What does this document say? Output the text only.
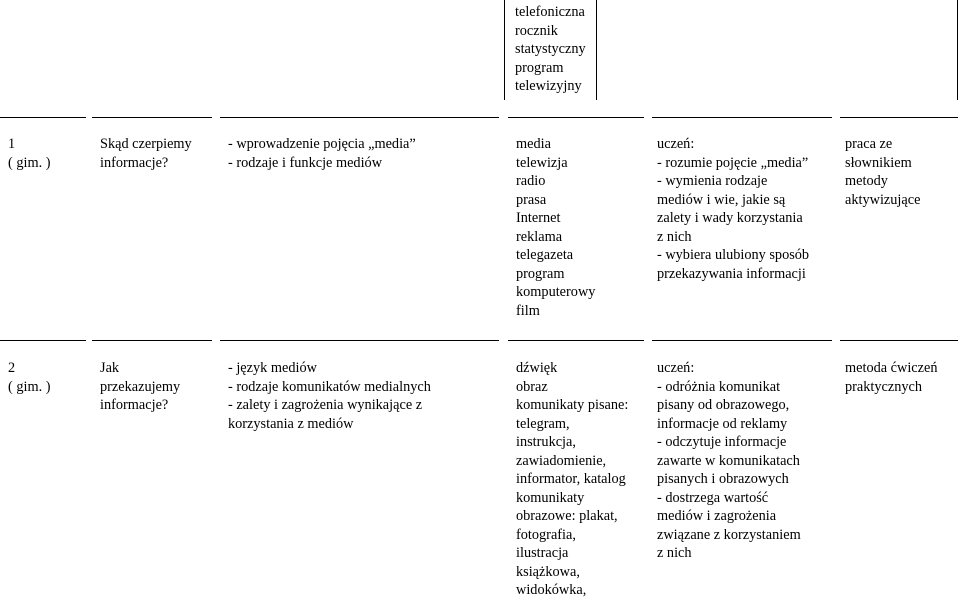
telefoniczna
rocznik
statystyczny
program
telewizyjny
1
( gim. )
Skąd czerpiemy
informacje?
- wprowadzenie pojęcia „media”
- rodzaje i funkcje mediów
media
telewizja
radio
prasa
Internet
reklama
telegazeta
program
komputerowy
film
uczeń:
- rozumie pojęcie „media”
- wymienia rodzaje
mediów i wie, jakie są
zalety i wady korzystania
z nich
- wybiera ulubiony sposób
przekazywania informacji
praca ze
słownikiem
metody
aktywizujące
2
( gim. )
Jak
przekazujemy
informacje?
- język mediów
- rodzaje komunikatów medialnych
- zalety i zagrożenia wynikające z
korzystania z mediów
dźwięk
obraz
komunikaty pisane:
telegram,
instrukcja,
zawiadomienie,
informator, katalog
komunikaty
obrazowe: plakat,
fotografia,
ilustracja
książkowa,
widokówka,
uczeń:
- odróżnia komunikat
pisany od obrazowego,
informacje od reklamy
- odczytuje informacje
zawarte w komunikatach
pisanych i obrazowych
- dostrzega wartość
mediów i zagrożenia
związane z korzystaniem
z nich
metoda ćwiczeń
praktycznych
